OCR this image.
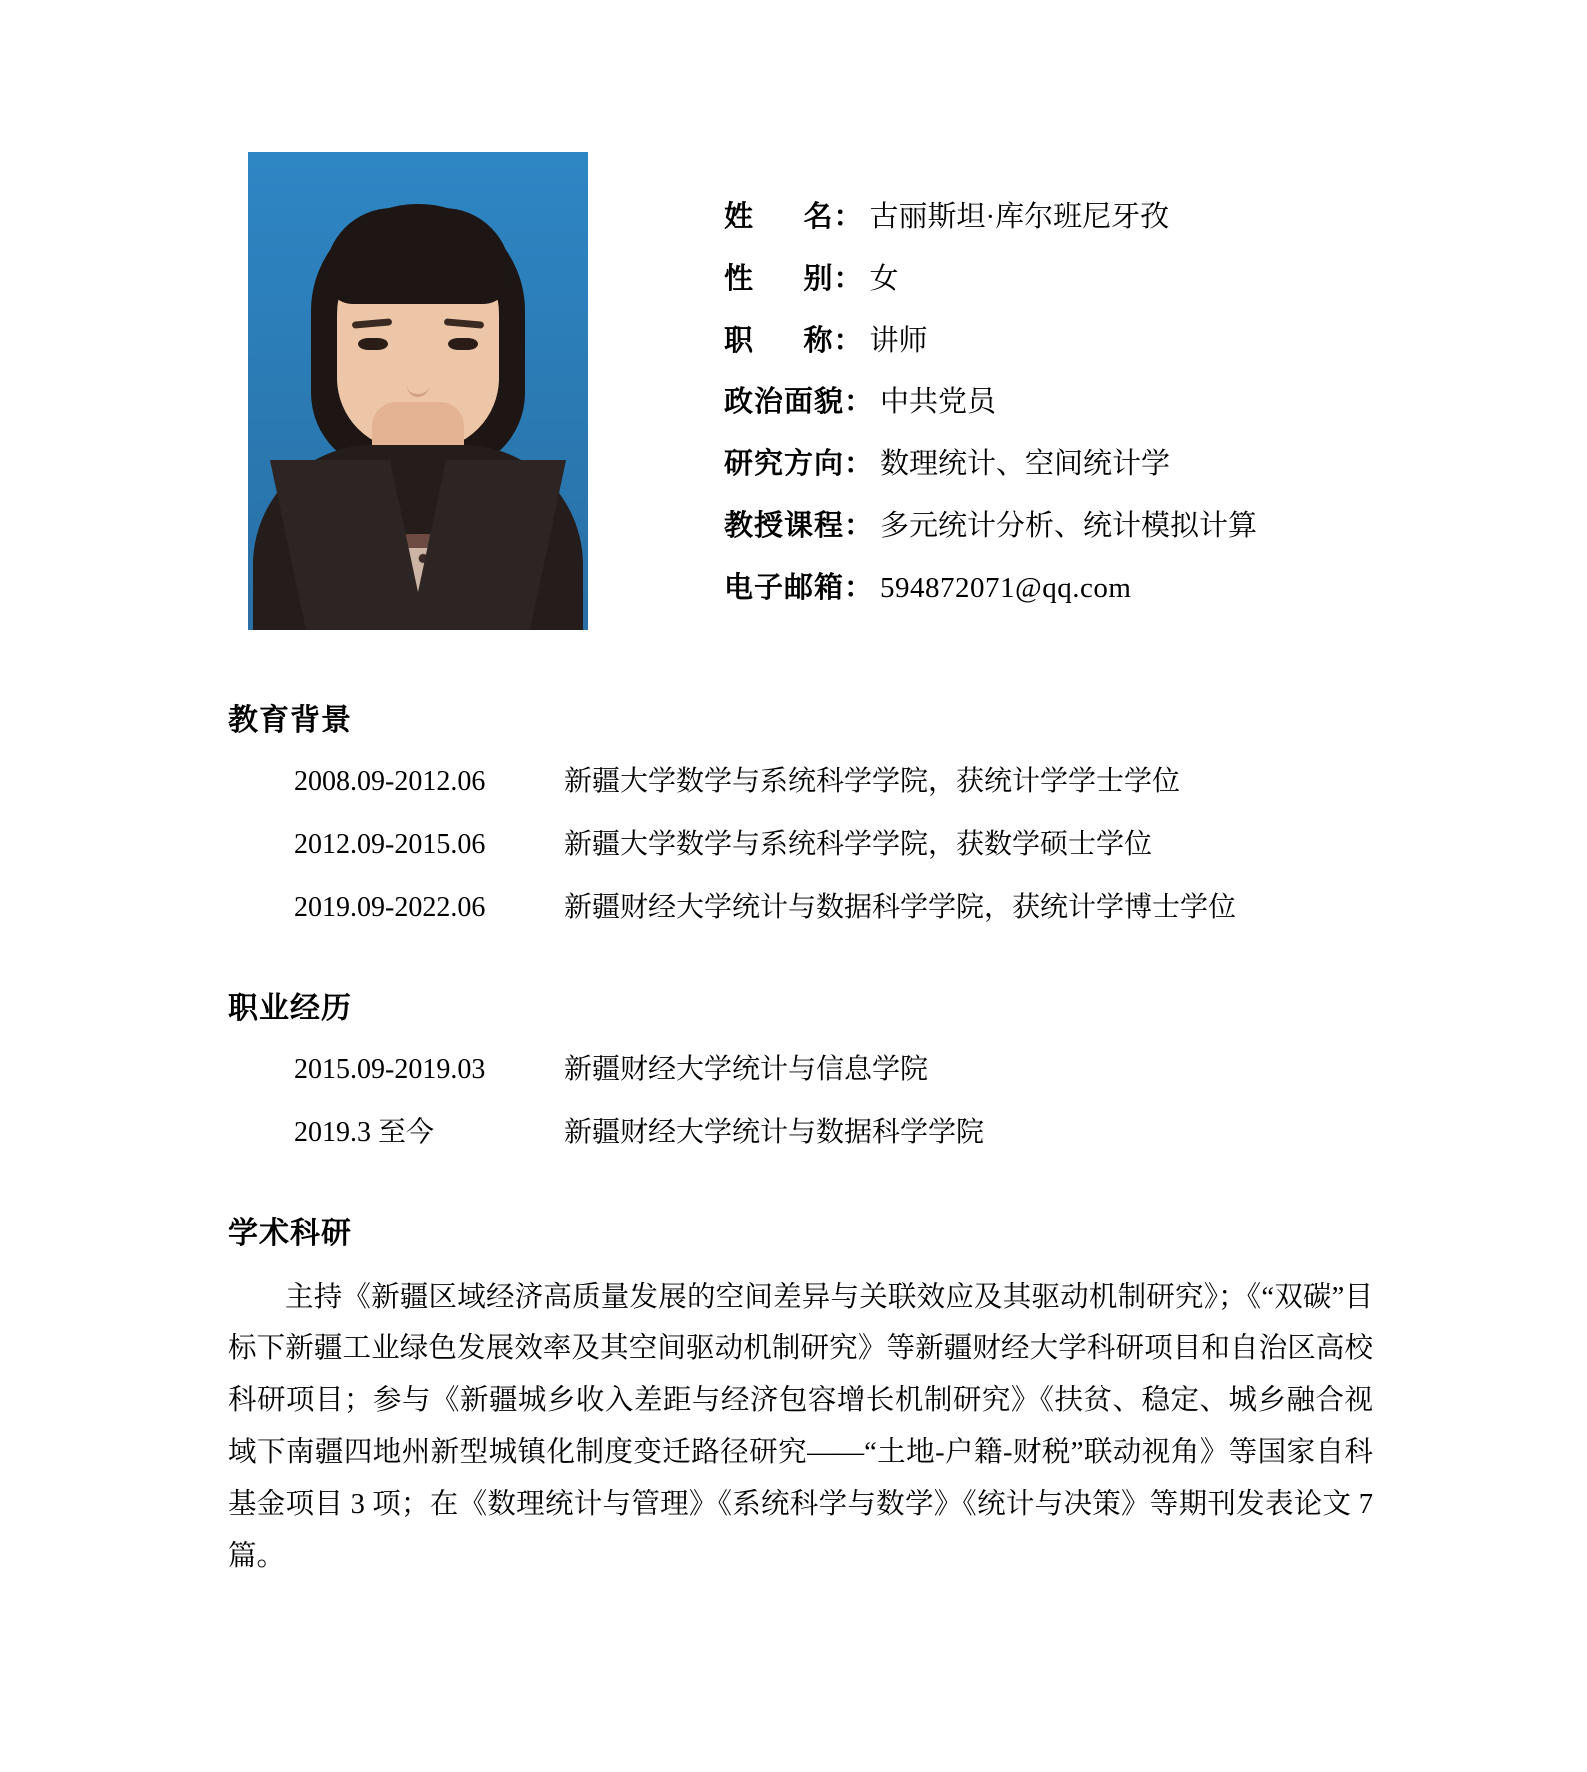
姓      名： 古丽斯坦·库尔班尼牙孜
性      别： 女
职      称： 讲师
政治面貌： 中共党员
研究方向： 数理统计、空间统计学
教授课程： 多元统计分析、统计模拟计算
电子邮箱： 594872071@qq.com
教育背景
2008.09-2012.06	新疆大学数学与系统科学学院，获统计学学士学位
2012.09-2015.06	新疆大学数学与系统科学学院，获数学硕士学位
2019.09-2022.06	新疆财经大学统计与数据科学学院，获统计学博士学位
职业经历
2015.09-2019.03	新疆财经大学统计与信息学院
2019.3 至今	新疆财经大学统计与数据科学学院
学术科研

主持《新疆区域经济高质量发展的空间差异与关联效应及其驱动机制研究》；《“双碳”目标下新疆工业绿色发展效率及其空间驱动机制研究》等新疆财经大学科研项目和自治区高校科研项目；参与《新疆城乡收入差距与经济包容增长机制研究》《扶贫、稳定、城乡融合视域下南疆四地州新型城镇化制度变迁路径研究——“土地-户籍-财税”联动视角》等国家自科基金项目 3 项；在《数理统计与管理》《系统科学与数学》《统计与决策》等期刊发表论文 7 篇。
